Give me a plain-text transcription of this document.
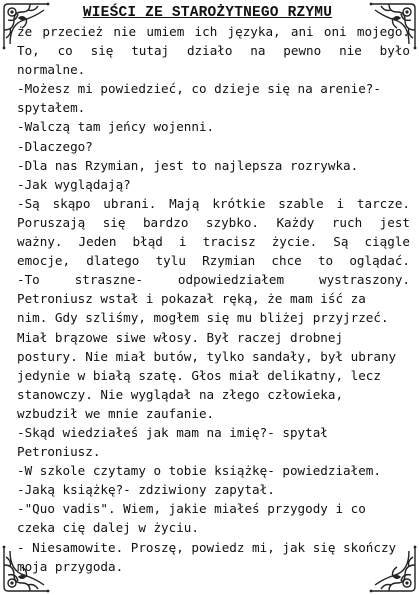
WIEŚCI ZE STAROŻYTNEGO RZYMU
że przecież nie umiem ich języka, ani oni mojego.
To, co się tutaj działo na pewno nie było
normalne.
-Możesz mi powiedzieć, co dzieje się na arenie?-
spytałem.
-Walczą tam jeńcy wojenni.
-Dlaczego?
-Dla nas Rzymian, jest to najlepsza rozrywka.
-Jak wyglądają?
-Są skąpo ubrani. Mają krótkie szable i tarcze.
Poruszają się bardzo szybko. Każdy ruch jest
ważny. Jeden błąd i tracisz życie. Są ciągle
emocje, dlatego tylu Rzymian chce to oglądać.
-To straszne- odpowiedziałem wystraszony.
Petroniusz wstał i pokazał ręką, że mam iść za
nim. Gdy szliśmy, mogłem się mu bliżej przyjrzeć.
Miał brązowe siwe włosy. Był raczej drobnej
postury. Nie miał butów, tylko sandały, był ubrany
jedynie w białą szatę. Głos miał delikatny, lecz
stanowczy. Nie wyglądał na złego człowieka,
wzbudził we mnie zaufanie.
-Skąd wiedziałeś jak mam na imię?- spytał
Petroniusz.
-W szkole czytamy o tobie książkę- powiedziałem.
-Jaką książkę?- zdziwiony zapytał.
-"Quo vadis". Wiem, jakie miałeś przygody i co
czeka cię dalej w życiu.
- Niesamowite. Proszę, powiedz mi, jak się skończy
moja przygoda.
